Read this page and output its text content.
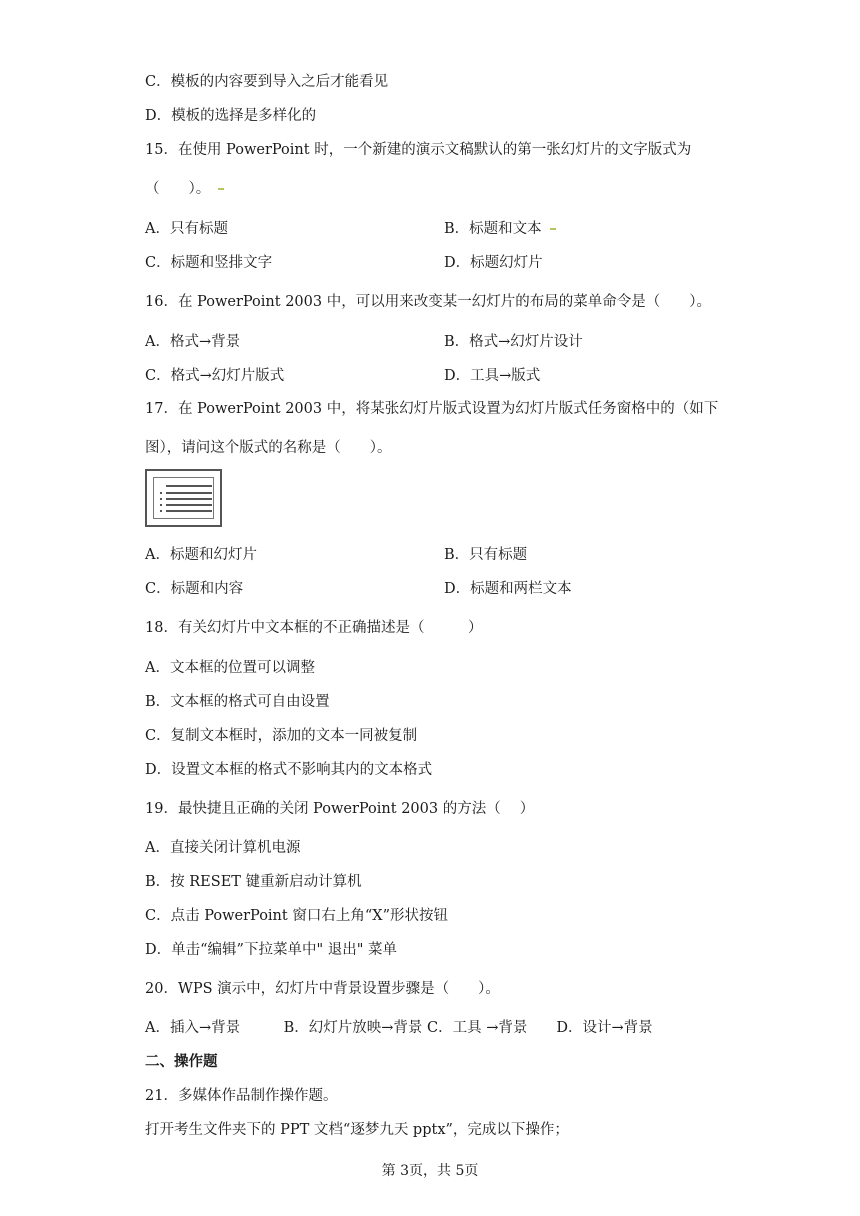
C．模板的内容要到导入之后才能看见
D．模板的选择是多样化的
15．在使用 PowerPoint 时，一个新建的演示文稿默认的第一张幻灯片的文字版式为
（　　）。
A．只有标题	B．标题和文本
C．标题和竖排文字	D．标题幻灯片
16．在 PowerPoint 2003 中，可以用来改变某一幻灯片的布局的菜单命令是（　　）。
A．格式→背景	B．格式→幻灯片设计
C．格式→幻灯片版式	D．工具→版式
17．在 PowerPoint 2003 中，将某张幻灯片版式设置为幻灯片版式任务窗格中的（如下
图），请问这个版式的名称是（　　）。
A．标题和幻灯片	B．只有标题
C．标题和内容	D．标题和两栏文本
18．有关幻灯片中文本框的不正确描述是（　　　）
A．文本框的位置可以调整
B．文本框的格式可自由设置
C．复制文本框时，添加的文本一同被复制
D．设置文本框的格式不影响其内的文本格式
19．最快捷且正确的关闭 PowerPoint 2003 的方法（　 ）
A．直接关闭计算机电源
B．按 RESET 键重新启动计算机
C．点击 PowerPoint 窗口右上角“X”形状按钮
D．单击“编辑”下拉菜单中" 退出" 菜单
20．WPS 演示中，幻灯片中背景设置步骤是（　　）。
A．插入→背景　　　B．幻灯片放映→背景 C．工具 →背景　　D．设计→背景
二、操作题
21．多媒体作品制作操作题。
打开考生文件夹下的 PPT 文档“逐梦九天 pptx”，完成以下操作；
第 3页，共 5页
